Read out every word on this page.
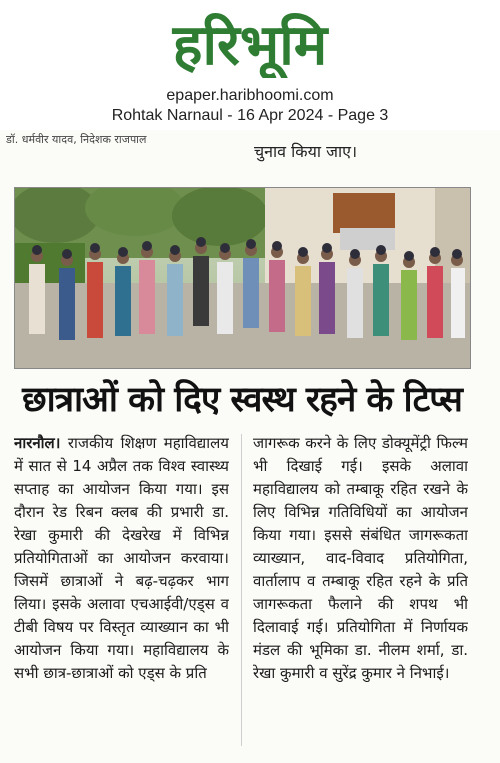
हरिभूमि
epaper.haribhoomi.com
Rohtak Narnaul - 16 Apr 2024 - Page 3
डॉ. धर्मवीर यादव, निदेशक राजपाल
चुनाव किया जाए।
छात्राओं को दिए स्वस्थ रहने के टिप्स
नारनौल। राजकीय शिक्षण महाविद्यालय में सात से 14 अप्रैल तक विश्व स्वास्थ्य सप्ताह का आयोजन किया गया। इस दौरान रेड रिबन क्लब की प्रभारी डा. रेखा कुमारी की देखरेख में विभिन्न प्रतियोगिताओं का आयोजन करवाया। जिसमें छात्राओं ने बढ़-चढ़कर भाग लिया। इसके अलावा एचआईवी/एड्स व टीबी विषय पर विस्तृत व्याख्यान का भी आयोजन किया गया। महाविद्यालय के सभी छात्र-छात्राओं को एड्स के प्रति
जागरूक करने के लिए डोक्यूमेंट्री फिल्म भी दिखाई गई। इसके अलावा महाविद्यालय को तम्बाकू रहित रखने के लिए विभिन्न गतिविधियों का आयोजन किया गया। इससे संबंधित जागरूकता व्याख्यान, वाद-विवाद प्रतियोगिता, वार्तालाप व तम्बाकू रहित रहने के प्रति जागरूकता फैलाने की शपथ भी दिलावाई गई। प्रतियोगिता में निर्णायक मंडल की भूमिका डा. नीलम शर्मा, डा. रेखा कुमारी व सुरेंद्र कुमार ने निभाई।
